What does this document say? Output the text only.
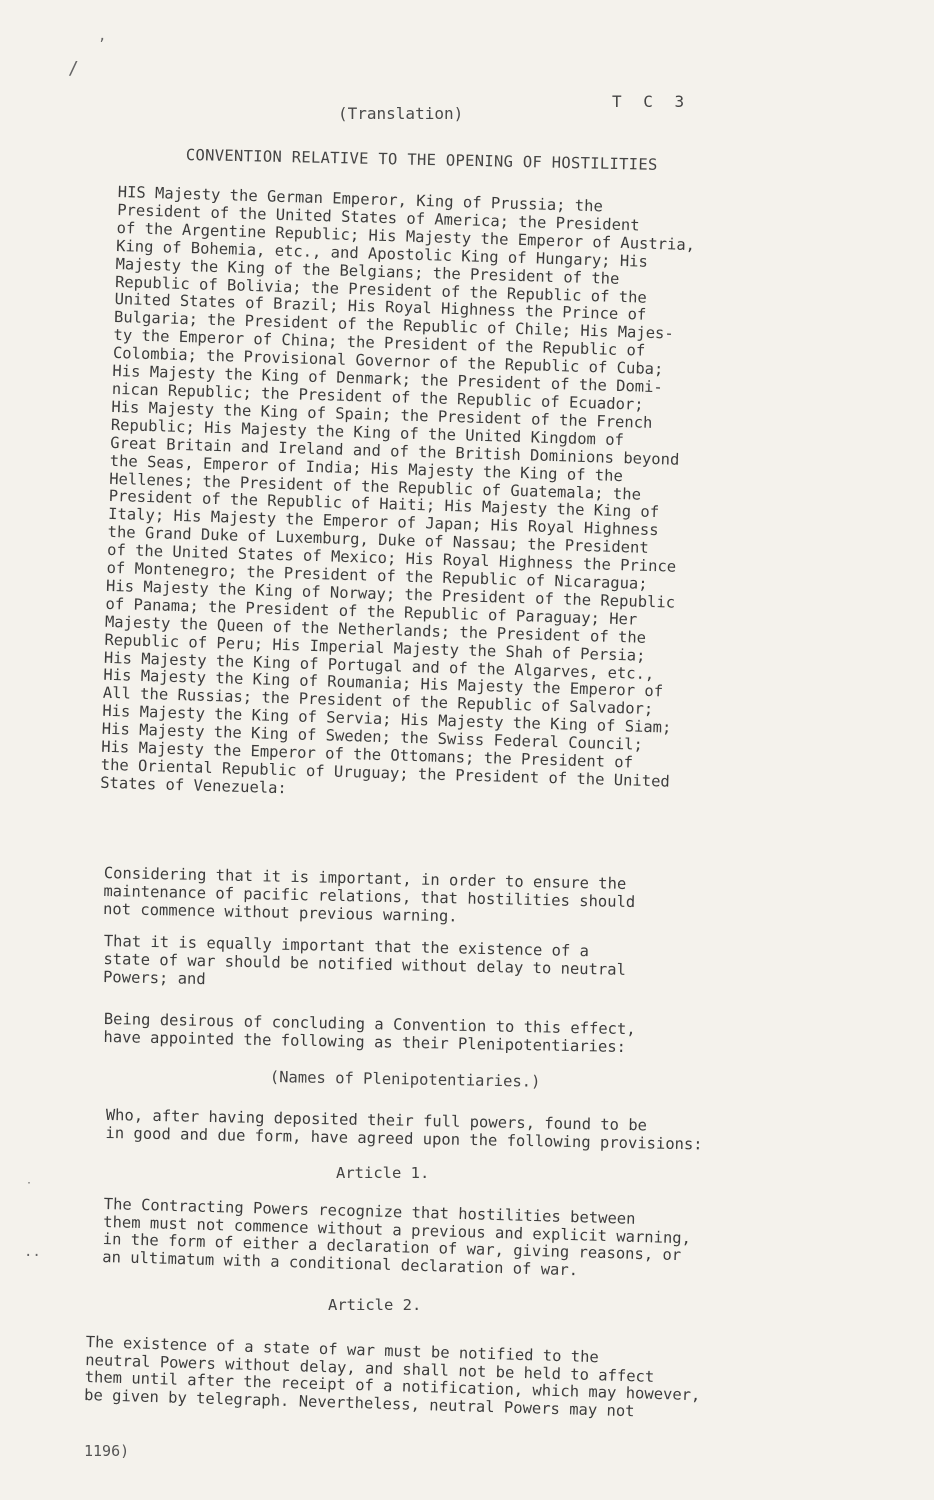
,
/
··
·
(Translation)
T C 3
CONVENTION RELATIVE TO THE OPENING OF HOSTILITIES
HIS Majesty the German Emperor, King of Prussia; the
President of the United States of America; the President
of the Argentine Republic; His Majesty the Emperor of Austria,
King of Bohemia, etc., and Apostolic King of Hungary; His
Majesty the King of the Belgians; the President of the
Republic of Bolivia; the President of the Republic of the
United States of Brazil; His Royal Highness the Prince of
Bulgaria; the President of the Republic of Chile; His Majes-
ty the Emperor of China; the President of the Republic of
Colombia; the Provisional Governor of the Republic of Cuba;
His Majesty the King of Denmark; the President of the Domi-
nican Republic; the President of the Republic of Ecuador;
His Majesty the King of Spain; the President of the French
Republic; His Majesty the King of the United Kingdom of
Great Britain and Ireland and of the British Dominions beyond
the Seas, Emperor of India; His Majesty the King of the
Hellenes; the President of the Republic of Guatemala; the
President of the Republic of Haiti; His Majesty the King of
Italy; His Majesty the Emperor of Japan; His Royal Highness
the Grand Duke of Luxemburg, Duke of Nassau; the President
of the United States of Mexico; His Royal Highness the Prince
of Montenegro; the President of the Republic of Nicaragua;
His Majesty the King of Norway; the President of the Republic
of Panama; the President of the Republic of Paraguay; Her
Majesty the Queen of the Netherlands; the President of the
Republic of Peru; His Imperial Majesty the Shah of Persia;
His Majesty the King of Portugal and of the Algarves, etc.,
His Majesty the King of Roumania; His Majesty the Emperor of
All the Russias; the President of the Republic of Salvador;
His Majesty the King of Servia; His Majesty the King of Siam;
His Majesty the King of Sweden; the Swiss Federal Council;
His Majesty the Emperor of the Ottomans; the President of
the Oriental Republic of Uruguay; the President of the United
States of Venezuela:
Considering that it is important, in order to ensure the
maintenance of pacific relations, that hostilities should
not commence without previous warning.
That it is equally important that the existence of a
state of war should be notified without delay to neutral
Powers; and
Being desirous of concluding a Convention to this effect,
have appointed the following as their Plenipotentiaries:
(Names of Plenipotentiaries.)
Who, after having deposited their full powers, found to be
in good and due form, have agreed upon the following provisions:
Article 1.
The Contracting Powers recognize that hostilities between
them must not commence without a previous and explicit warning,
in the form of either a declaration of war, giving reasons, or
an ultimatum with a conditional declaration of war.
Article 2.
The existence of a state of war must be notified to the
neutral Powers without delay, and shall not be held to affect
them until after the receipt of a notification, which may however,
be given by telegraph. Nevertheless, neutral Powers may not
1196)
